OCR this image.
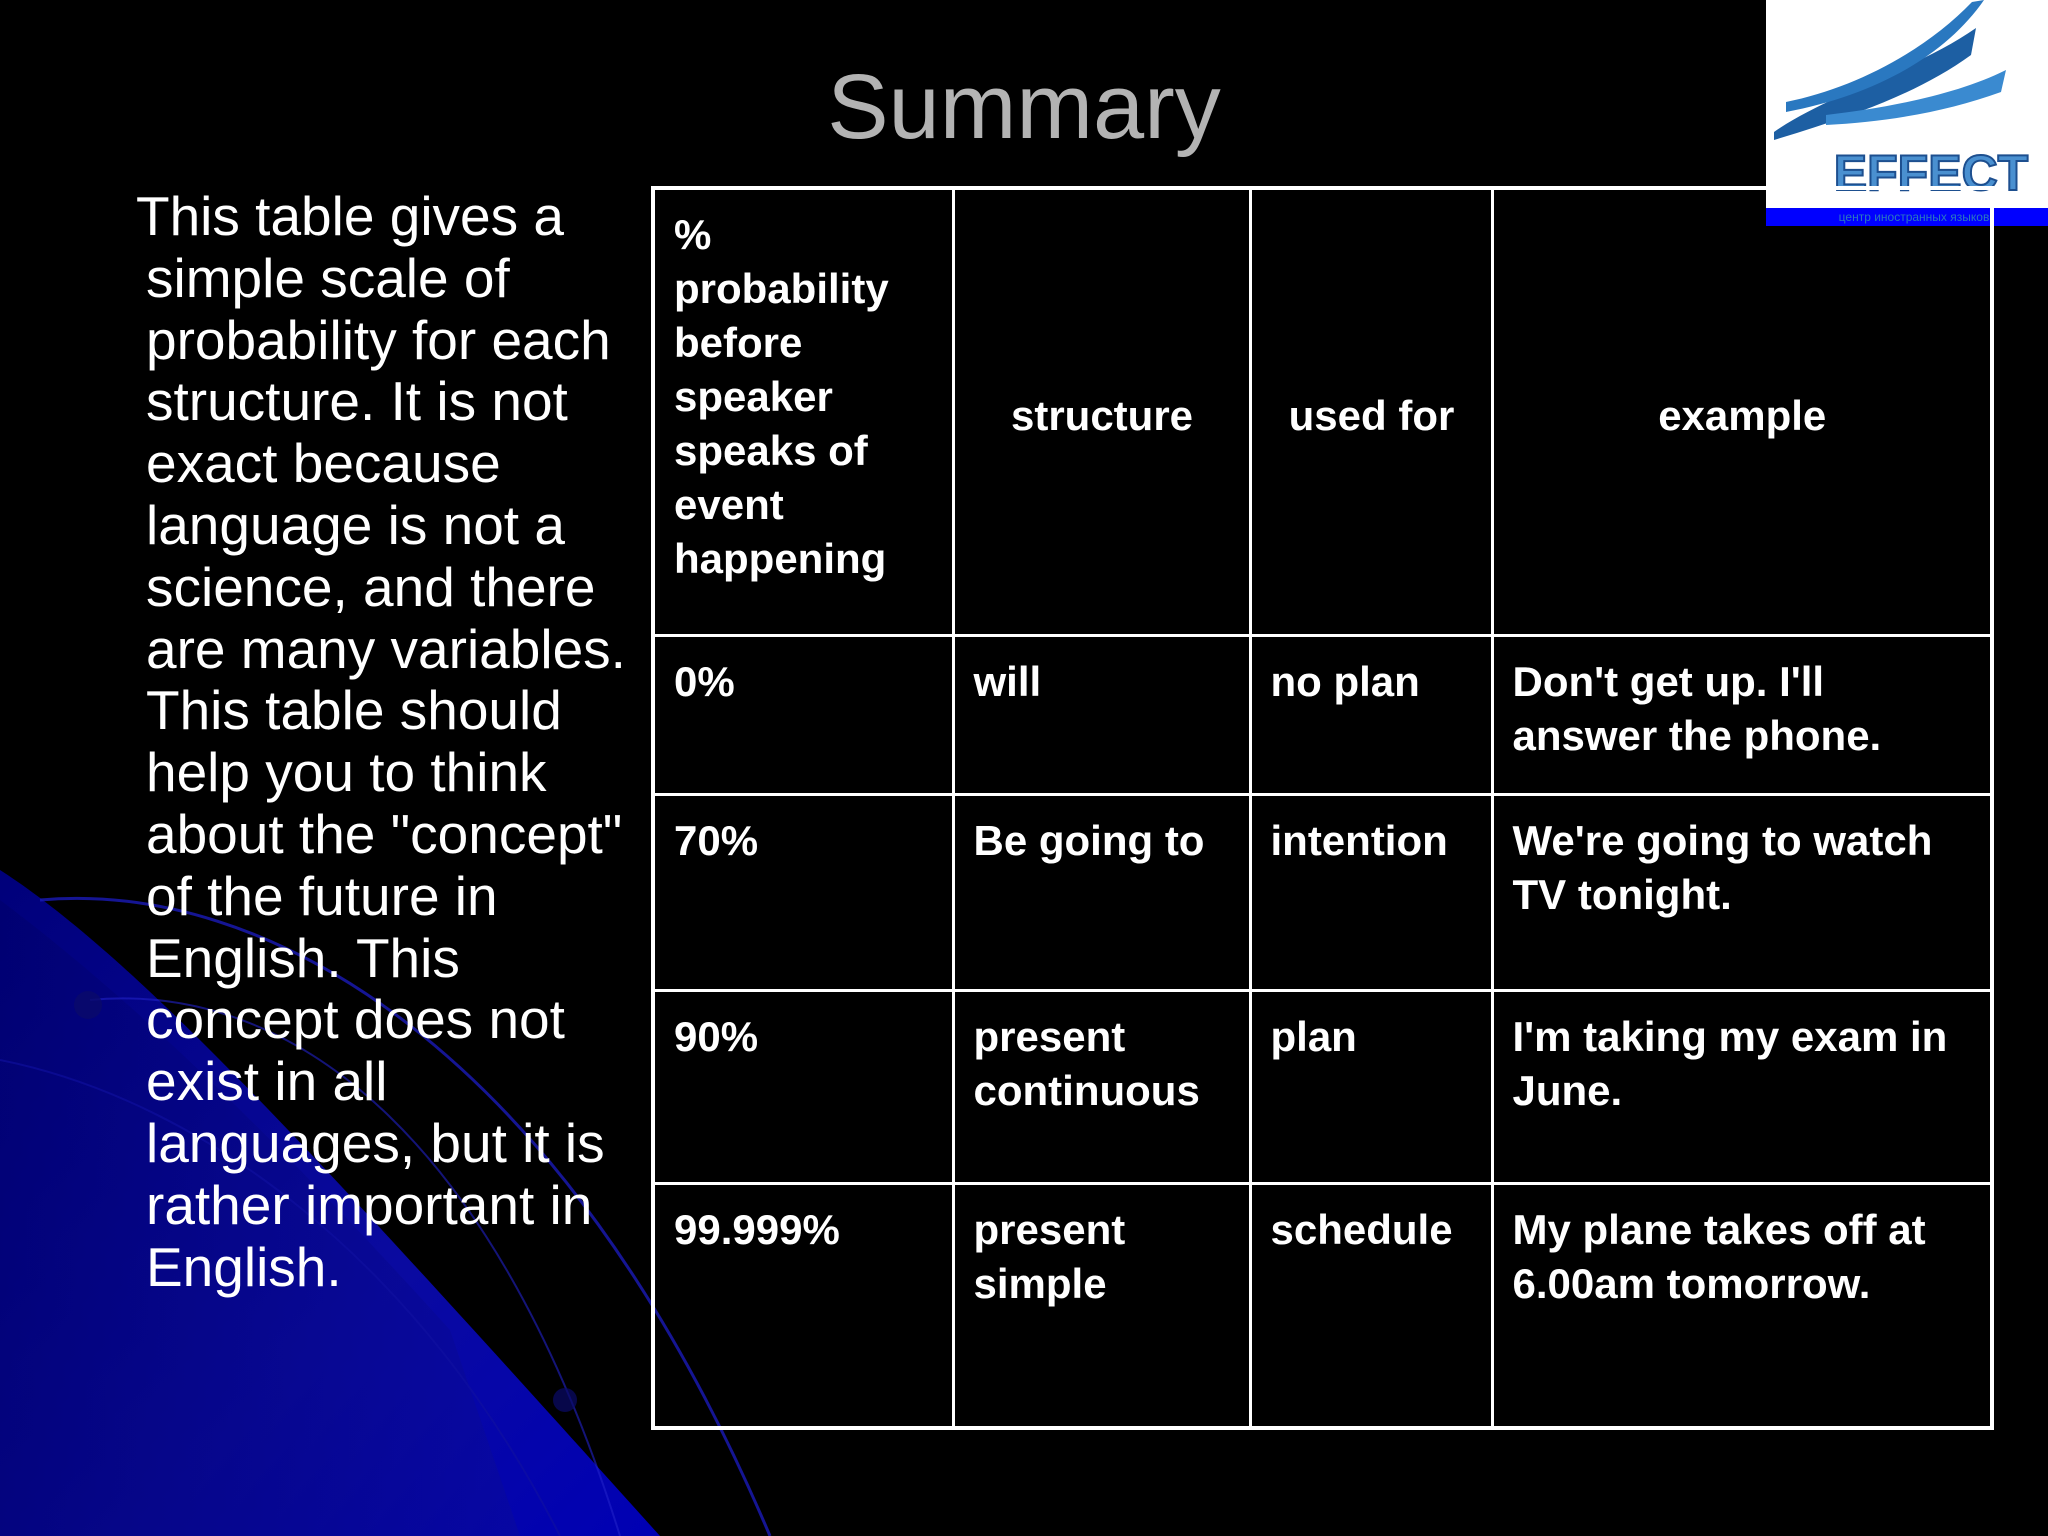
Summary
EFFECT
центр иностранных языков
This table gives a simple scale of probability for each structure. It is not exact because language is not a science, and there are many variables. This table should help you to think about the "concept" of the future in English. This concept does not exist in all languages, but it is rather important in English.
% probability before speaker speaks of event happening	structure	used for	example
0%	will	no plan	Don't get up. I'll answer the phone.
70%	Be going to	intention	We're going to watch TV tonight.
90%	present continuous	plan	I'm taking my exam in June.
99.999%	present simple	schedule	My plane takes off at 6.00am tomorrow.
